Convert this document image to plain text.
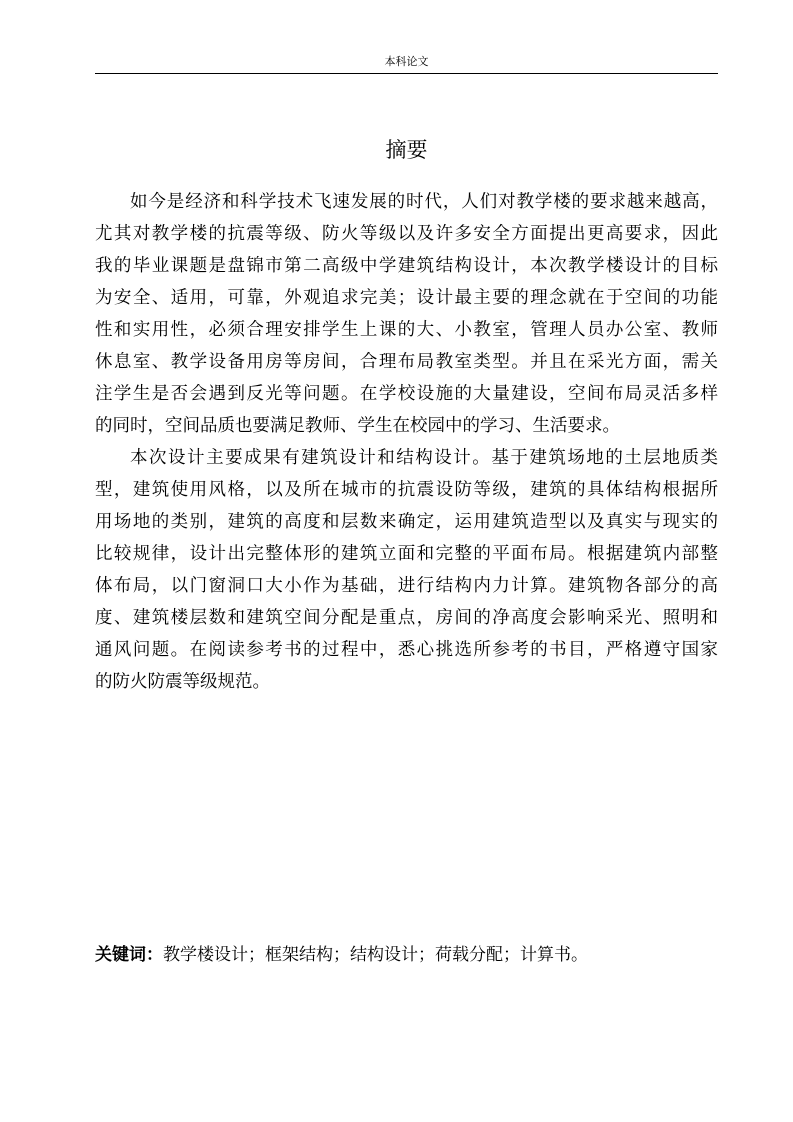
本科论文
摘要
如今是经济和科学技术飞速发展的时代，人们对教学楼的要求越来越高，
尤其对教学楼的抗震等级、防火等级以及许多安全方面提出更高要求，因此
我的毕业课题是盘锦市第二高级中学建筑结构设计，本次教学楼设计的目标
为安全、适用，可靠，外观追求完美；设计最主要的理念就在于空间的功能
性和实用性，必须合理安排学生上课的大、小教室，管理人员办公室、教师
休息室、教学设备用房等房间，合理布局教室类型。并且在采光方面，需关
注学生是否会遇到反光等问题。在学校设施的大量建设，空间布局灵活多样
的同时，空间品质也要满足教师、学生在校园中的学习、生活要求。
本次设计主要成果有建筑设计和结构设计。基于建筑场地的土层地质类
型，建筑使用风格，以及所在城市的抗震设防等级，建筑的具体结构根据所
用场地的类别，建筑的高度和层数来确定，运用建筑造型以及真实与现实的
比较规律，设计出完整体形的建筑立面和完整的平面布局。根据建筑内部整
体布局，以门窗洞口大小作为基础，进行结构内力计算。建筑物各部分的高
度、建筑楼层数和建筑空间分配是重点，房间的净高度会影响采光、照明和
通风问题。在阅读参考书的过程中，悉心挑选所参考的书目，严格遵守国家
的防火防震等级规范。
关键词：教学楼设计；框架结构；结构设计；荷载分配；计算书。
